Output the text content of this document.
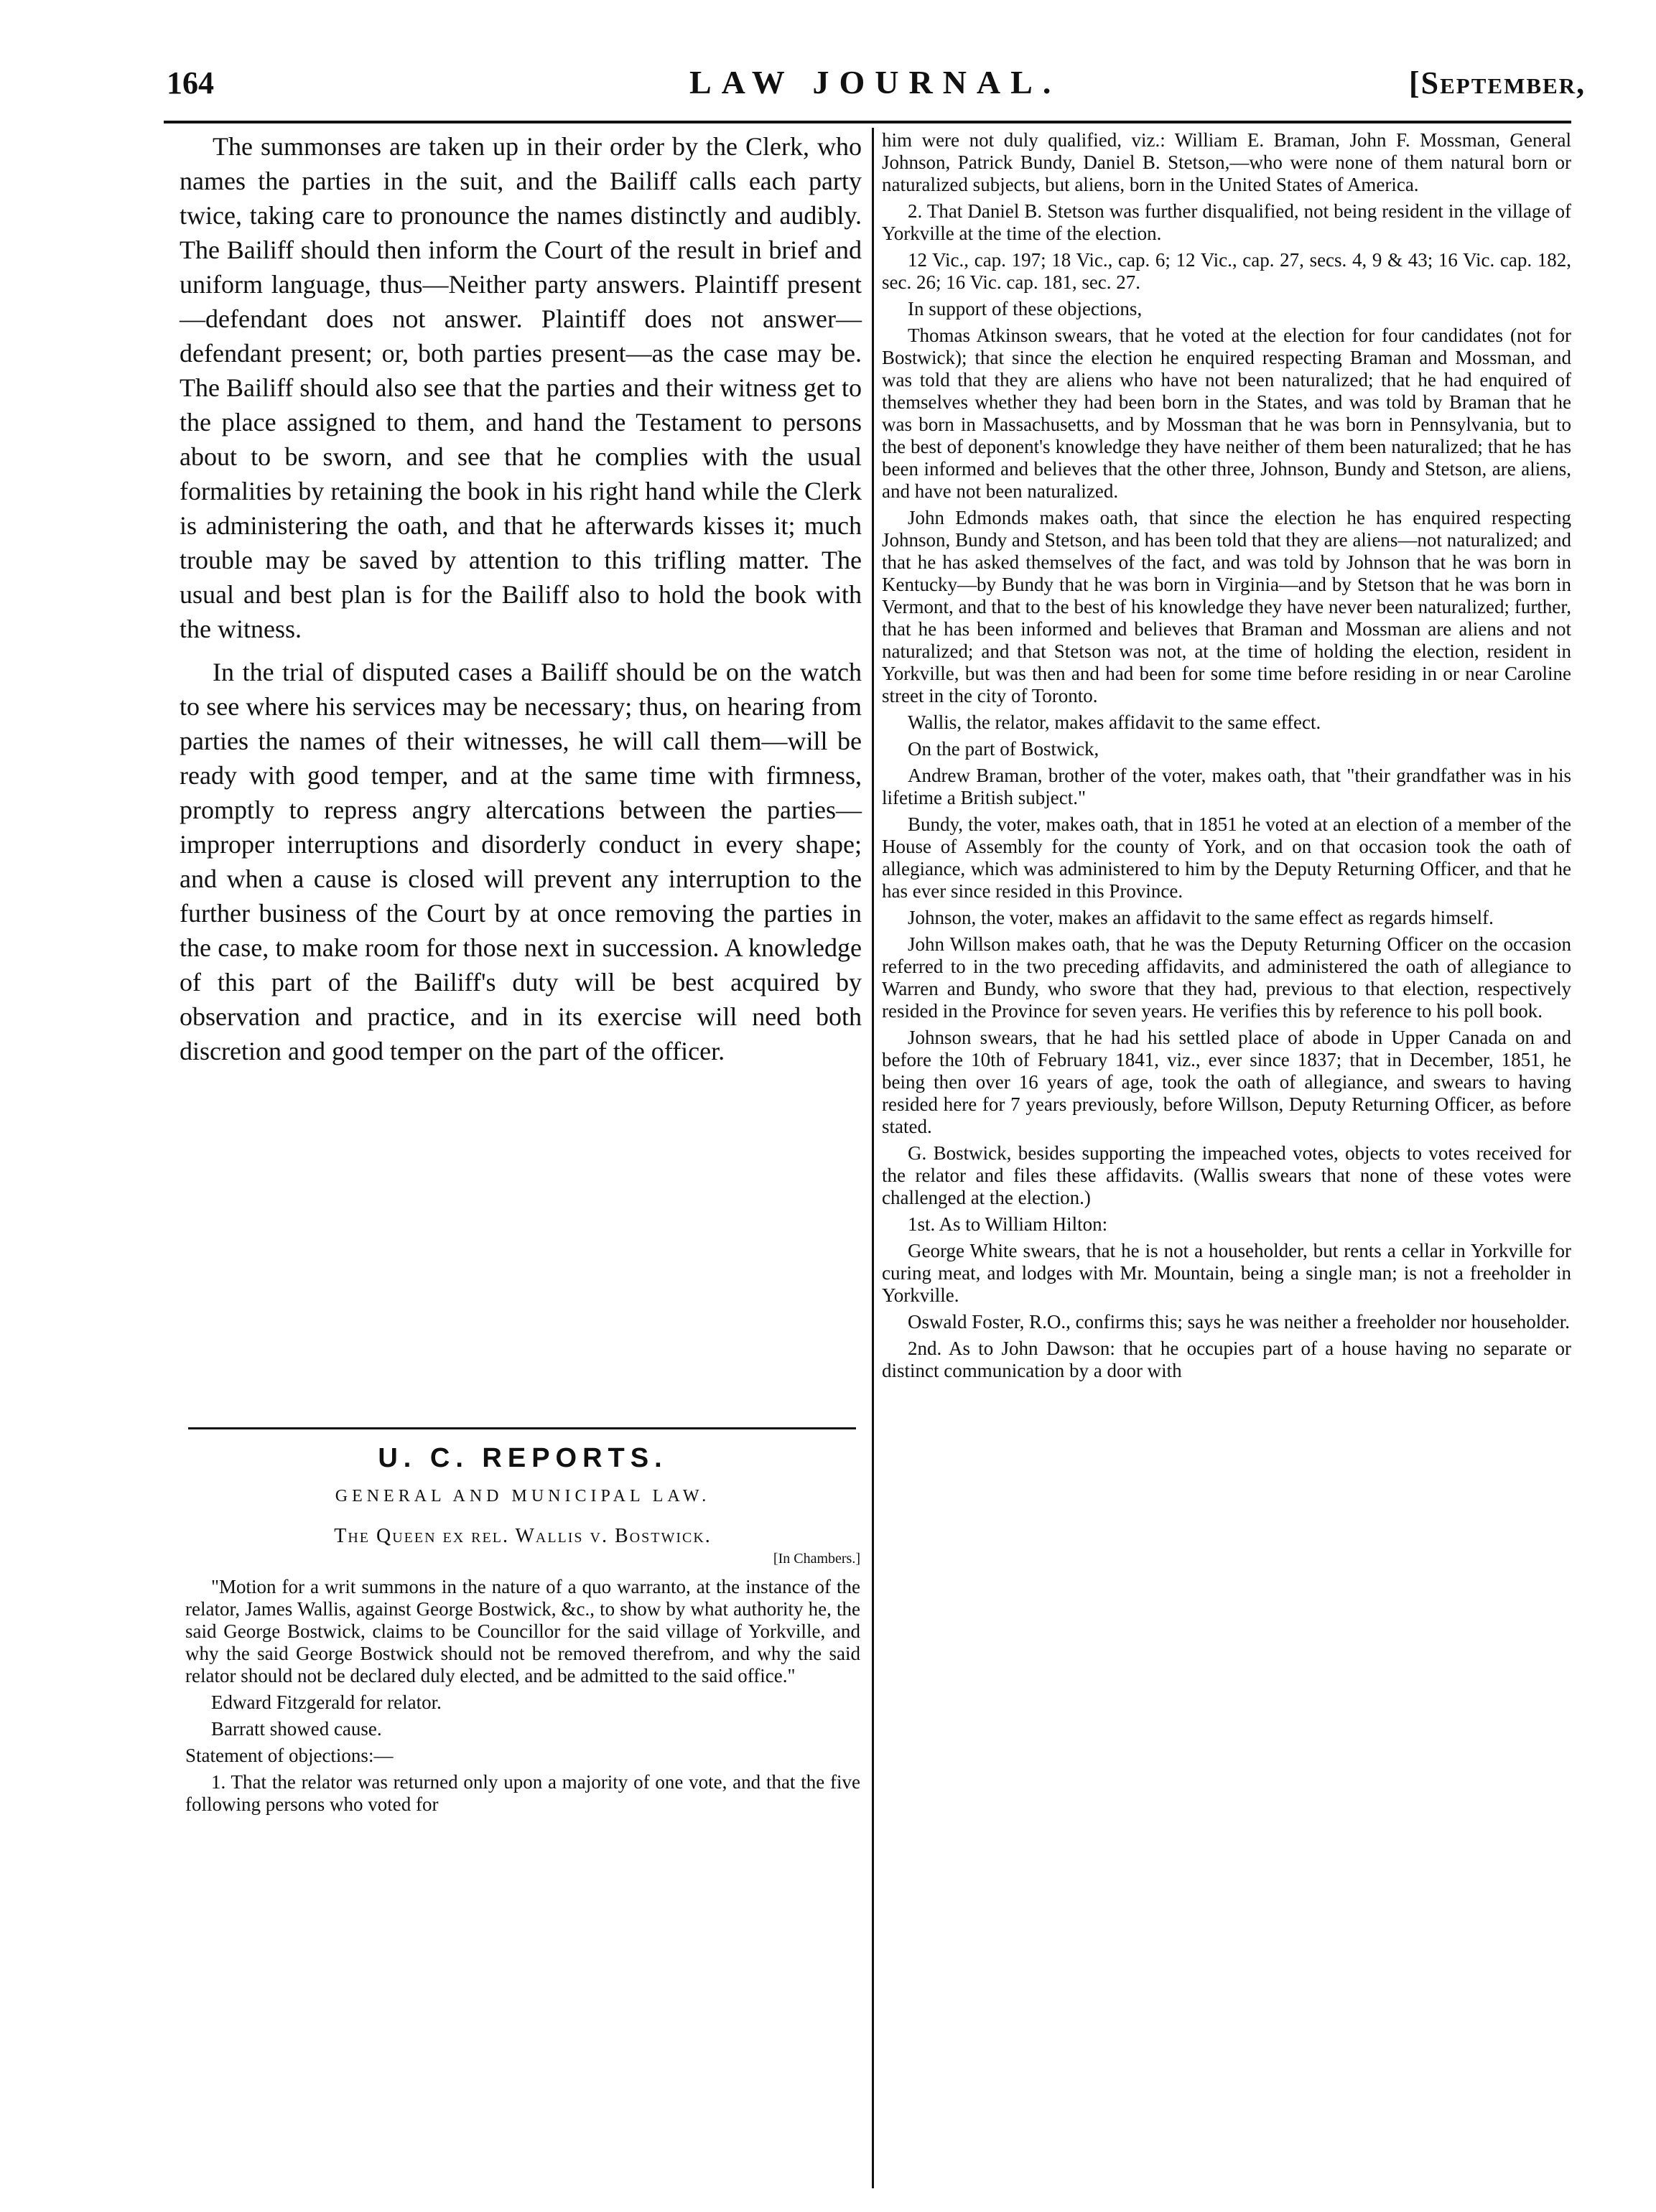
164	LAW JOURNAL.	[September,

The summonses are taken up in their order by the Clerk, who names the parties in the suit, and the Bailiff calls each party twice, taking care to pronounce the names distinctly and audibly. The Bailiff should then inform the Court of the result in brief and uniform language, thus—Neither party answers. Plaintiff present—defendant does not answer. Plaintiff does not answer—defendant present; or, both parties present—as the case may be. The Bailiff should also see that the parties and their witness get to the place assigned to them, and hand the Testament to persons about to be sworn, and see that he complies with the usual formalities by retaining the book in his right hand while the Clerk is administering the oath, and that he afterwards kisses it; much trouble may be saved by attention to this trifling matter. The usual and best plan is for the Bailiff also to hold the book with the witness.

In the trial of disputed cases a Bailiff should be on the watch to see where his services may be necessary; thus, on hearing from parties the names of their witnesses, he will call them—will be ready with good temper, and at the same time with firmness, promptly to repress angry altercations between the parties—improper interruptions and disorderly conduct in every shape; and when a cause is closed will prevent any interruption to the further business of the Court by at once removing the parties in the case, to make room for those next in succession. A knowledge of this part of the Bailiff's duty will be best acquired by observation and practice, and in its exercise will need both discretion and good temper on the part of the officer.

U. C. REPORTS.
GENERAL AND MUNICIPAL LAW.
The Queen ex rel. Wallis v. Bostwick.
[In Chambers.]

"Motion for a writ summons in the nature of a quo warranto, at the instance of the relator, James Wallis, against George Bostwick, &c., to show by what authority he, the said George Bostwick, claims to be Councillor for the said village of Yorkville, and why the said George Bostwick should not be removed therefrom, and why the said relator should not be declared duly elected, and be admitted to the said office."

Edward Fitzgerald for relator.

Barratt showed cause.

Statement of objections:—

1. That the relator was returned only upon a majority of one vote, and that the five following persons who voted for

him were not duly qualified, viz.: William E. Braman, John F. Mossman, General Johnson, Patrick Bundy, Daniel B. Stetson,—who were none of them natural born or naturalized subjects, but aliens, born in the United States of America.

2. That Daniel B. Stetson was further disqualified, not being resident in the village of Yorkville at the time of the election.

12 Vic., cap. 197; 18 Vic., cap. 6; 12 Vic., cap. 27, secs. 4, 9 & 43; 16 Vic. cap. 182, sec. 26; 16 Vic. cap. 181, sec. 27.

In support of these objections,

Thomas Atkinson swears, that he voted at the election for four candidates (not for Bostwick); that since the election he enquired respecting Braman and Mossman, and was told that they are aliens who have not been naturalized; that he had enquired of themselves whether they had been born in the States, and was told by Braman that he was born in Massachusetts, and by Mossman that he was born in Pennsylvania, but to the best of deponent's knowledge they have neither of them been naturalized; that he has been informed and believes that the other three, Johnson, Bundy and Stetson, are aliens, and have not been naturalized.

John Edmonds makes oath, that since the election he has enquired respecting Johnson, Bundy and Stetson, and has been told that they are aliens—not naturalized; and that he has asked themselves of the fact, and was told by Johnson that he was born in Kentucky—by Bundy that he was born in Virginia—and by Stetson that he was born in Vermont, and that to the best of his knowledge they have never been naturalized; further, that he has been informed and believes that Braman and Mossman are aliens and not naturalized; and that Stetson was not, at the time of holding the election, resident in Yorkville, but was then and had been for some time before residing in or near Caroline street in the city of Toronto.

Wallis, the relator, makes affidavit to the same effect.

On the part of Bostwick,

Andrew Braman, brother of the voter, makes oath, that "their grandfather was in his lifetime a British subject."

Bundy, the voter, makes oath, that in 1851 he voted at an election of a member of the House of Assembly for the county of York, and on that occasion took the oath of allegiance, which was administered to him by the Deputy Returning Officer, and that he has ever since resided in this Province.

Johnson, the voter, makes an affidavit to the same effect as regards himself.

John Willson makes oath, that he was the Deputy Returning Officer on the occasion referred to in the two preceding affidavits, and administered the oath of allegiance to Warren and Bundy, who swore that they had, previous to that election, respectively resided in the Province for seven years. He verifies this by reference to his poll book.

Johnson swears, that he had his settled place of abode in Upper Canada on and before the 10th of February 1841, viz., ever since 1837; that in December, 1851, he being then over 16 years of age, took the oath of allegiance, and swears to having resided here for 7 years previously, before Willson, Deputy Returning Officer, as before stated.

G. Bostwick, besides supporting the impeached votes, objects to votes received for the relator and files these affidavits. (Wallis swears that none of these votes were challenged at the election.)

1st. As to William Hilton:

George White swears, that he is not a householder, but rents a cellar in Yorkville for curing meat, and lodges with Mr. Mountain, being a single man; is not a freeholder in Yorkville.

Oswald Foster, R.O., confirms this; says he was neither a freeholder nor householder.

2nd. As to John Dawson: that he occupies part of a house having no separate or distinct communication by a door with
